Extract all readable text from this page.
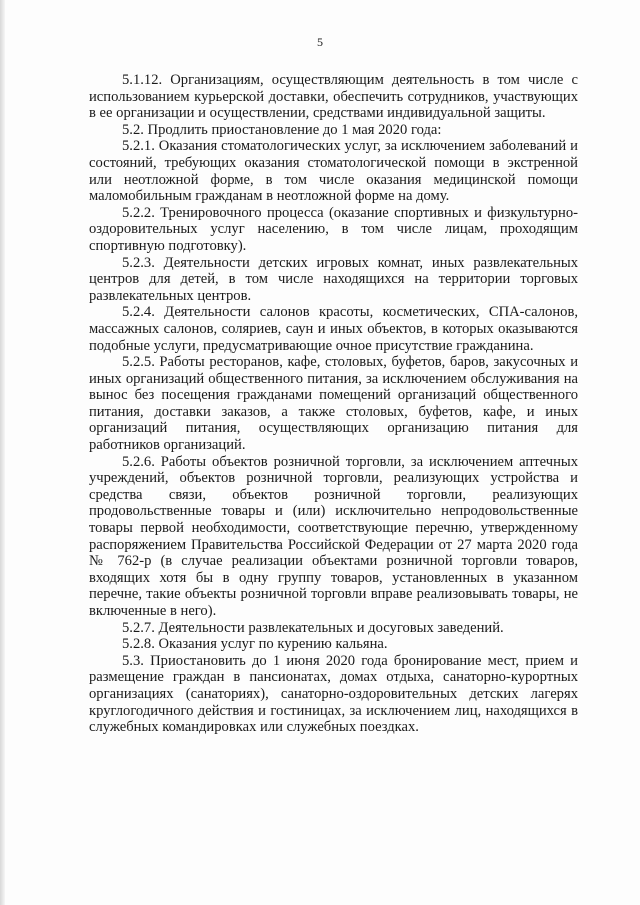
5

5.1.12. Организациям, осуществляющим деятельность в том числе с использованием курьерской доставки, обеспечить сотрудников, участвующих в ее организации и осуществлении, средствами индивидуальной защиты.

5.2. Продлить приостановление до 1 мая 2020 года:

5.2.1. Оказания стоматологических услуг, за исключением заболеваний и состояний, требующих оказания стоматологической помощи в экстренной или неотложной форме, в том числе оказания медицинской помощи маломобильным гражданам в неотложной форме на дому.

5.2.2. Тренировочного процесса (оказание спортивных и физкультурно-оздоровительных услуг населению, в том числе лицам, проходящим спортивную подготовку).

5.2.3. Деятельности детских игровых комнат, иных развлекательных центров для детей, в том числе находящихся на территории торговых развлекательных центров.

5.2.4. Деятельности салонов красоты, косметических, СПА-салонов, массажных салонов, соляриев, саун и иных объектов, в которых оказываются подобные услуги, предусматривающие очное присутствие гражданина.

5.2.5. Работы ресторанов, кафе, столовых, буфетов, баров, закусочных и иных организаций общественного питания, за исключением обслуживания на вынос без посещения гражданами помещений организаций общественного питания, доставки заказов, а также столовых, буфетов, кафе, и иных организаций питания, осуществляющих организацию питания для работников организаций.

5.2.6. Работы объектов розничной торговли, за исключением аптечных учреждений, объектов розничной торговли, реализующих устройства и средства связи, объектов розничной торговли, реализующих продовольственные товары и (или) исключительно непродовольственные товары первой необходимости, соответствующие перечню, утвержденному распоряжением Правительства Российской Федерации от 27 марта 2020 года № 762-р (в случае реализации объектами розничной торговли товаров, входящих хотя бы в одну группу товаров, установленных в указанном перечне, такие объекты розничной торговли вправе реализовывать товары, не включенные в него).

5.2.7. Деятельности развлекательных и досуговых заведений.

5.2.8. Оказания услуг по курению кальяна.

5.3. Приостановить до 1 июня 2020 года бронирование мест, прием и размещение граждан в пансионатах, домах отдыха, санаторно-курортных организациях (санаториях), санаторно-оздоровительных детских лагерях круглогодичного действия и гостиницах, за исключением лиц, находящихся в служебных командировках или служебных поездках.
